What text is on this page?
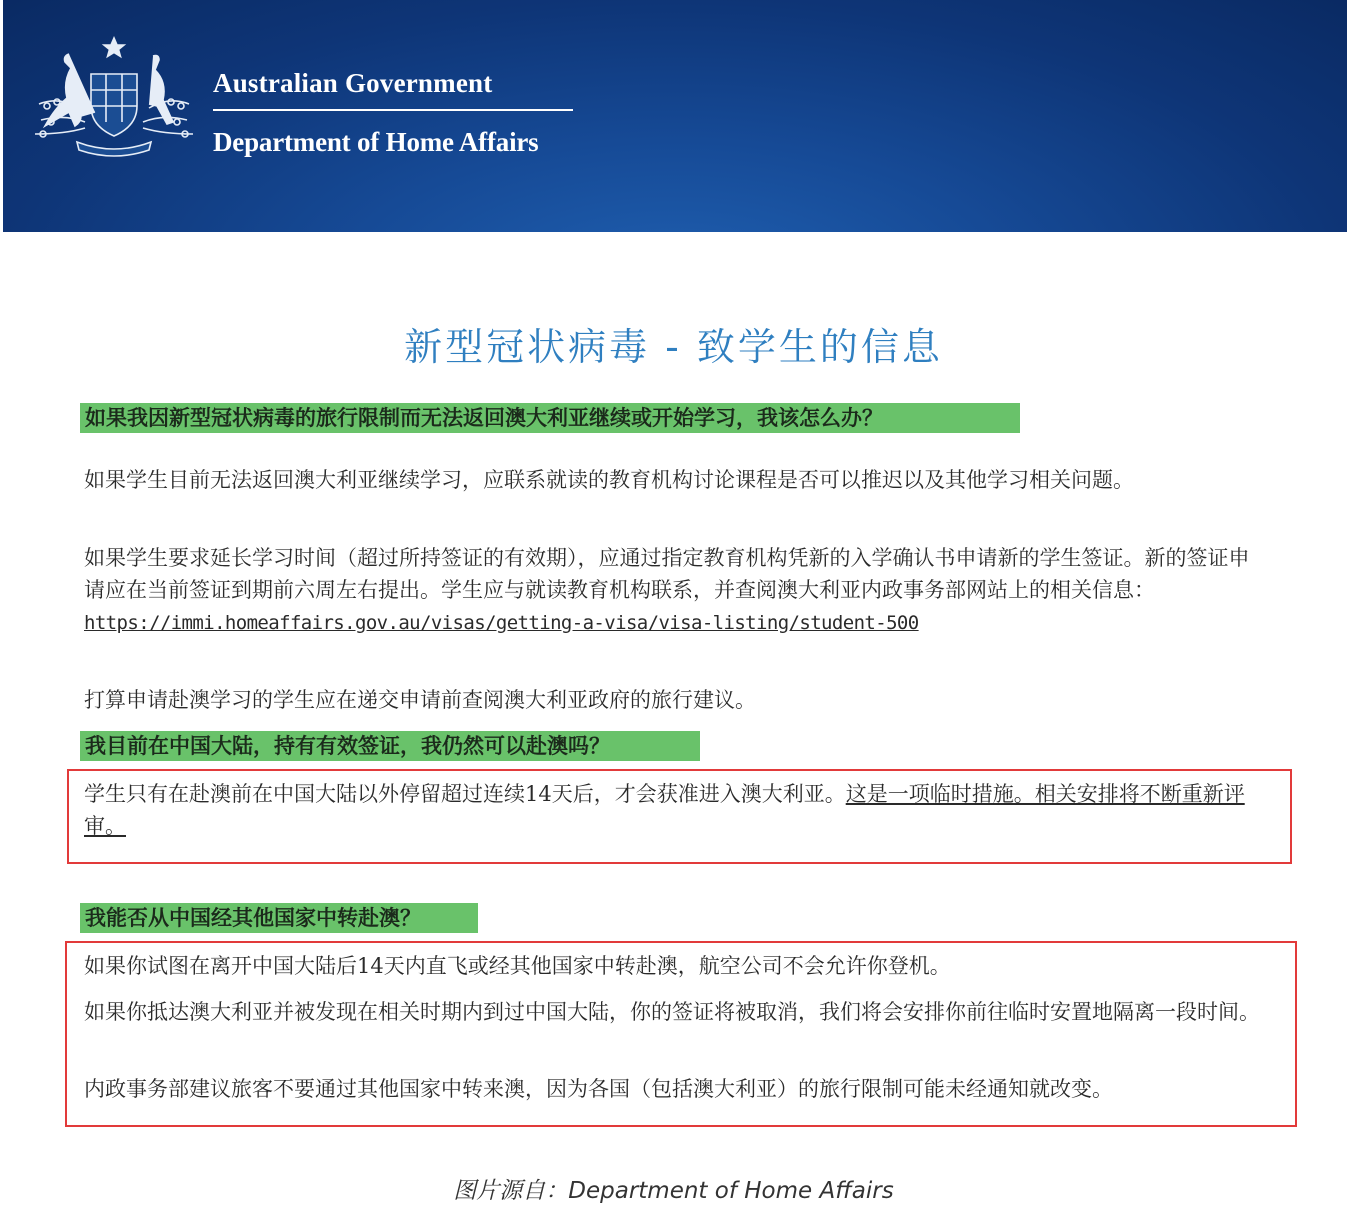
Australian Government
Department of Home Affairs
新型冠状病毒 - 致学生的信息
如果我因新型冠状病毒的旅行限制而无法返回澳大利亚继续或开始学习，我该怎么办？
如果学生目前无法返回澳大利亚继续学习，应联系就读的教育机构讨论课程是否可以推迟以及其他学习相关问题。
如果学生要求延长学习时间（超过所持签证的有效期），应通过指定教育机构凭新的入学确认书申请新的学生签证。新的签证申请应在当前签证到期前六周左右提出。学生应与就读教育机构联系，并查阅澳大利亚内政事务部网站上的相关信息：https://immi.homeaffairs.gov.au/visas/getting-a-visa/visa-listing/student-500
打算申请赴澳学习的学生应在递交申请前查阅澳大利亚政府的旅行建议。
我目前在中国大陆，持有有效签证，我仍然可以赴澳吗？
学生只有在赴澳前在中国大陆以外停留超过连续14天后，才会获准进入澳大利亚。这是一项临时措施。相关安排将不断重新评审。
我能否从中国经其他国家中转赴澳？
如果你试图在离开中国大陆后14天内直飞或经其他国家中转赴澳，航空公司不会允许你登机。
如果你抵达澳大利亚并被发现在相关时期内到过中国大陆，你的签证将被取消，我们将会安排你前往临时安置地隔离一段时间。
内政事务部建议旅客不要通过其他国家中转来澳，因为各国（包括澳大利亚）的旅行限制可能未经通知就改变。
图片源自：Department of Home Affairs
